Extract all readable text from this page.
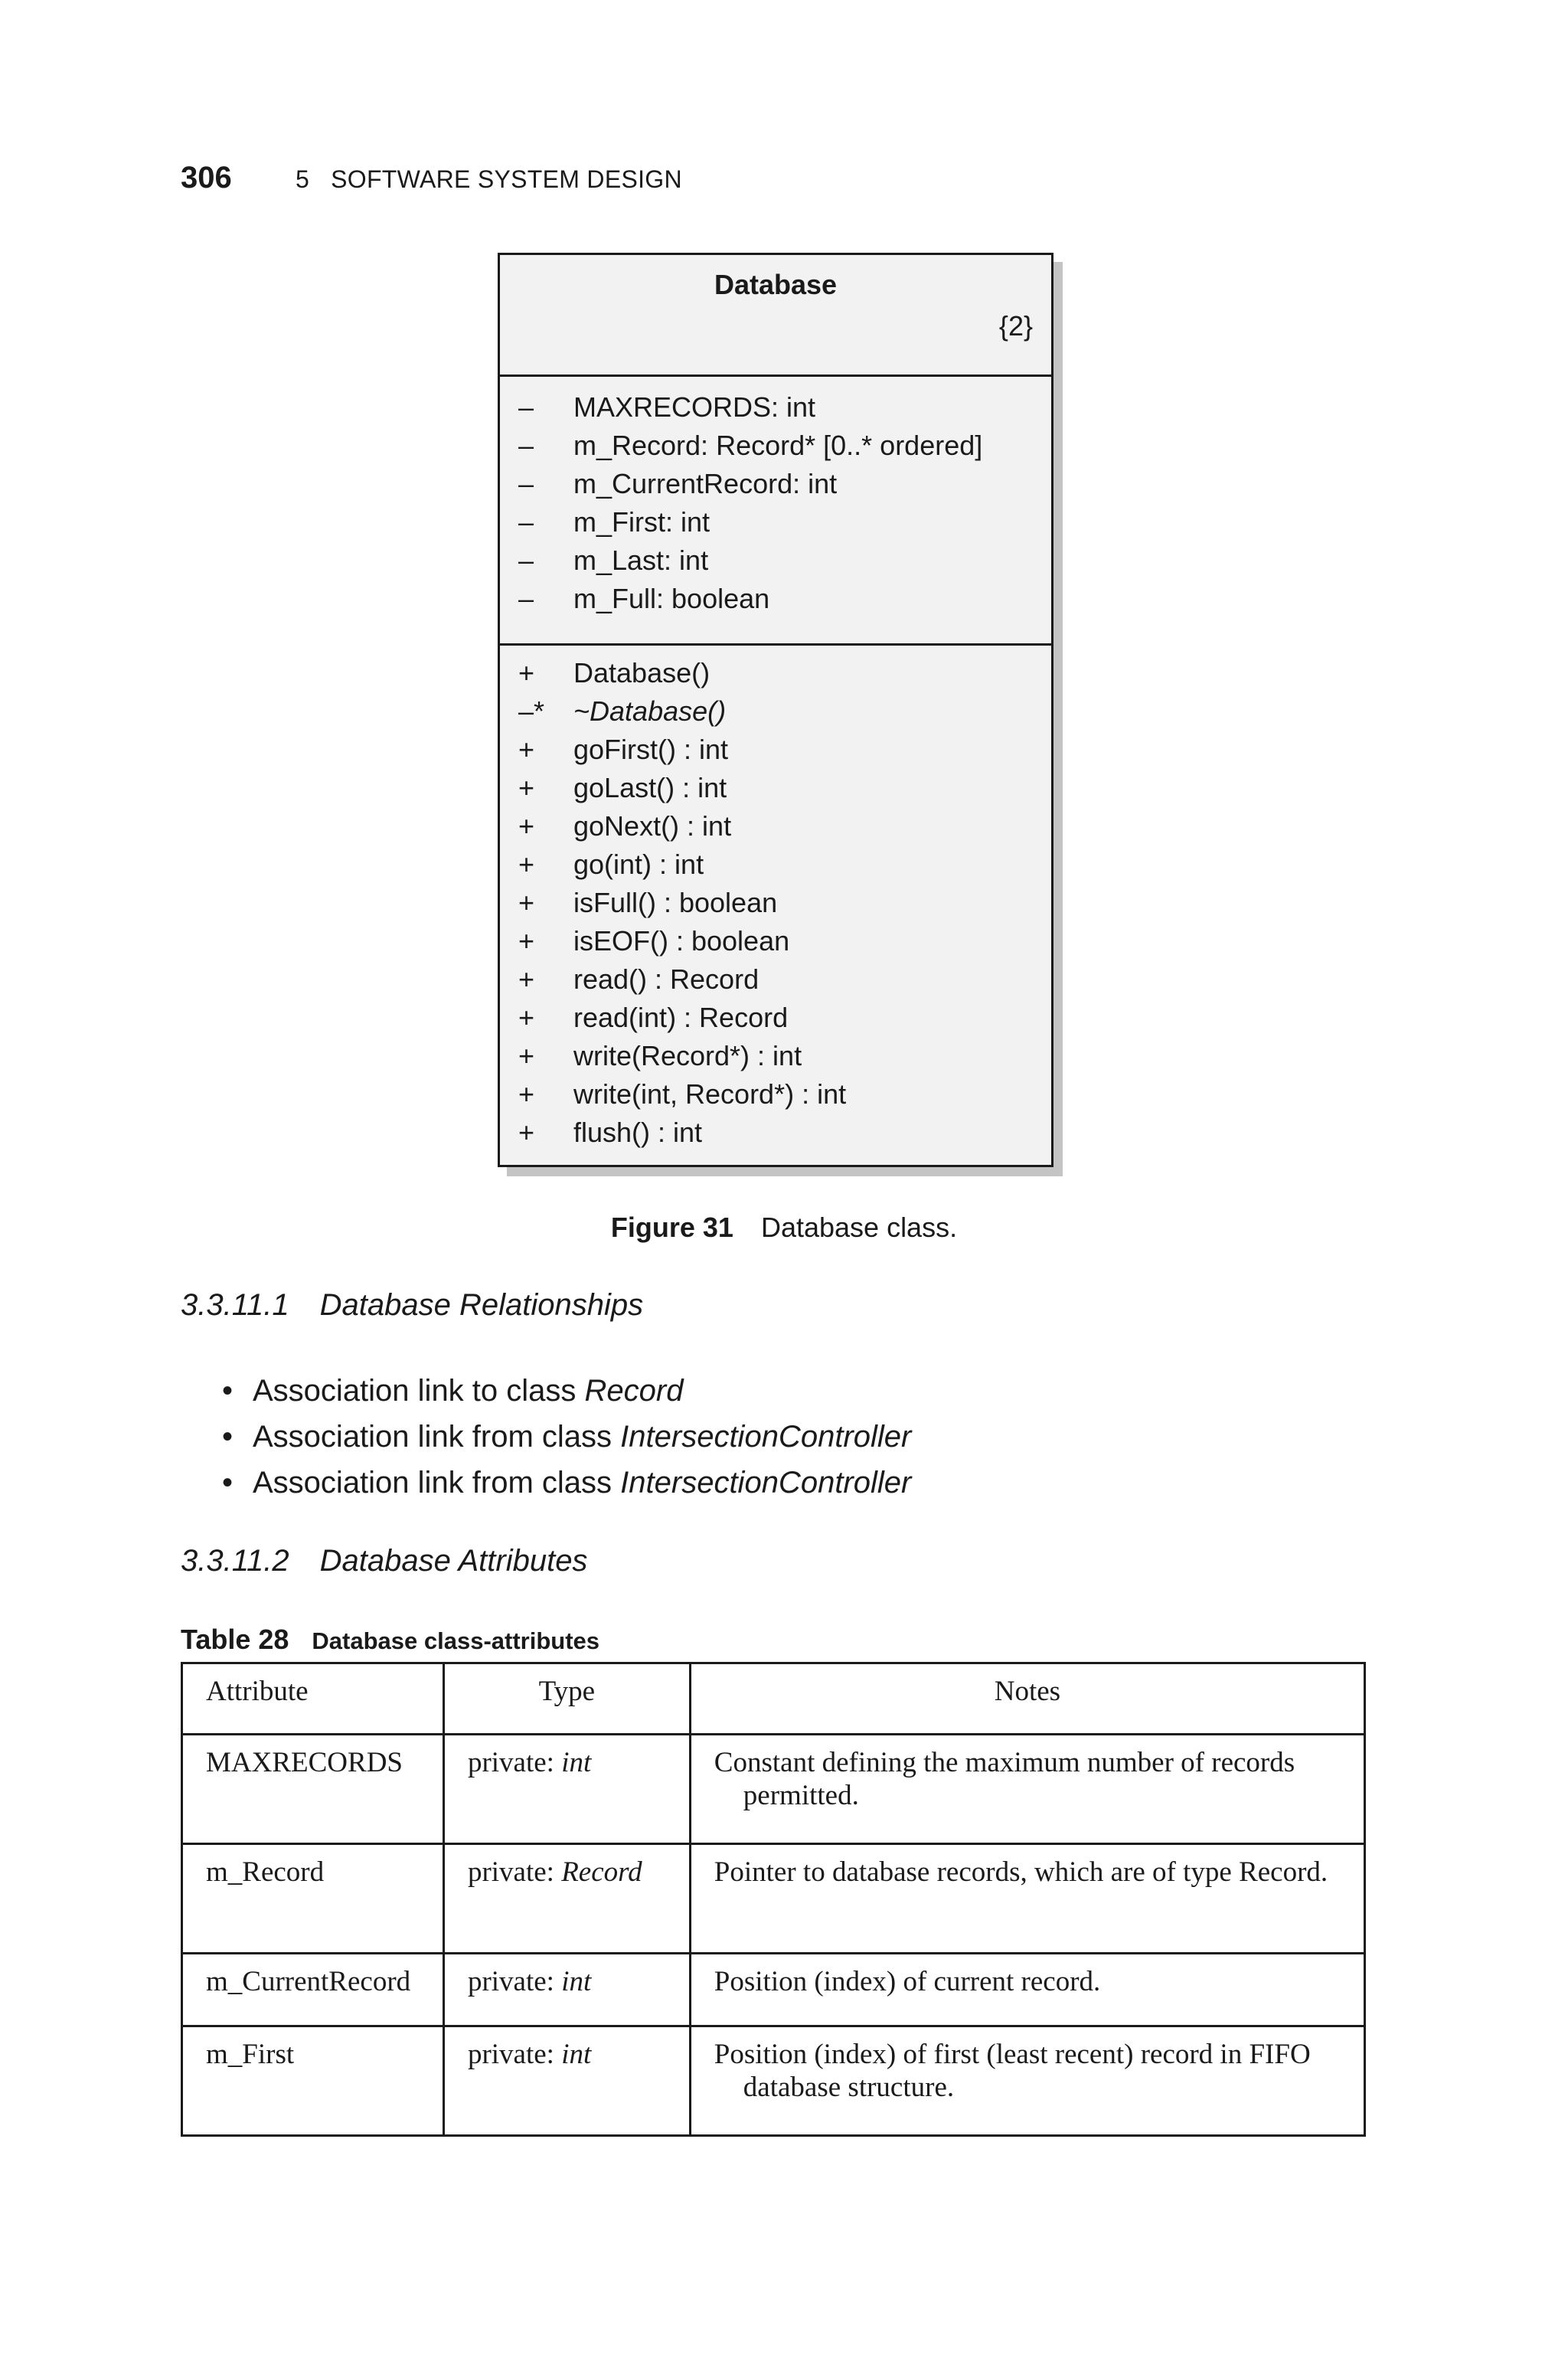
306	5 SOFTWARE SYSTEM DESIGN
Database
{2}
–	MAXRECORDS: int
–	m_Record: Record* [0..* ordered]
–	m_CurrentRecord: int
–	m_First: int
–	m_Last: int
–	m_Full: boolean
+	Database()
–*	~Database()
+	goFirst() : int
+	goLast() : int
+	goNext() : int
+	go(int) : int
+	isFull() : boolean
+	isEOF() : boolean
+	read() : Record
+	read(int) : Record
+	write(Record*) : int
+	write(int, Record*) : int
+	flush() : int
Figure 31 Database class.
3.3.11.1 Database Relationships
• Association link to class Record
• Association link from class IntersectionController
• Association link from class IntersectionController
3.3.11.2 Database Attributes
Table 28 Database class-attributes
Attribute	Type	Notes
MAXRECORDS	private: int	Constant defining the maximum number of records permitted.

m_Record	private: Record	Pointer to database records, which are of type Record.

m_CurrentRecord	private: int	Position (index) of current record.

m_First	private: int	Position (index) of first (least recent) record in FIFO database structure.
